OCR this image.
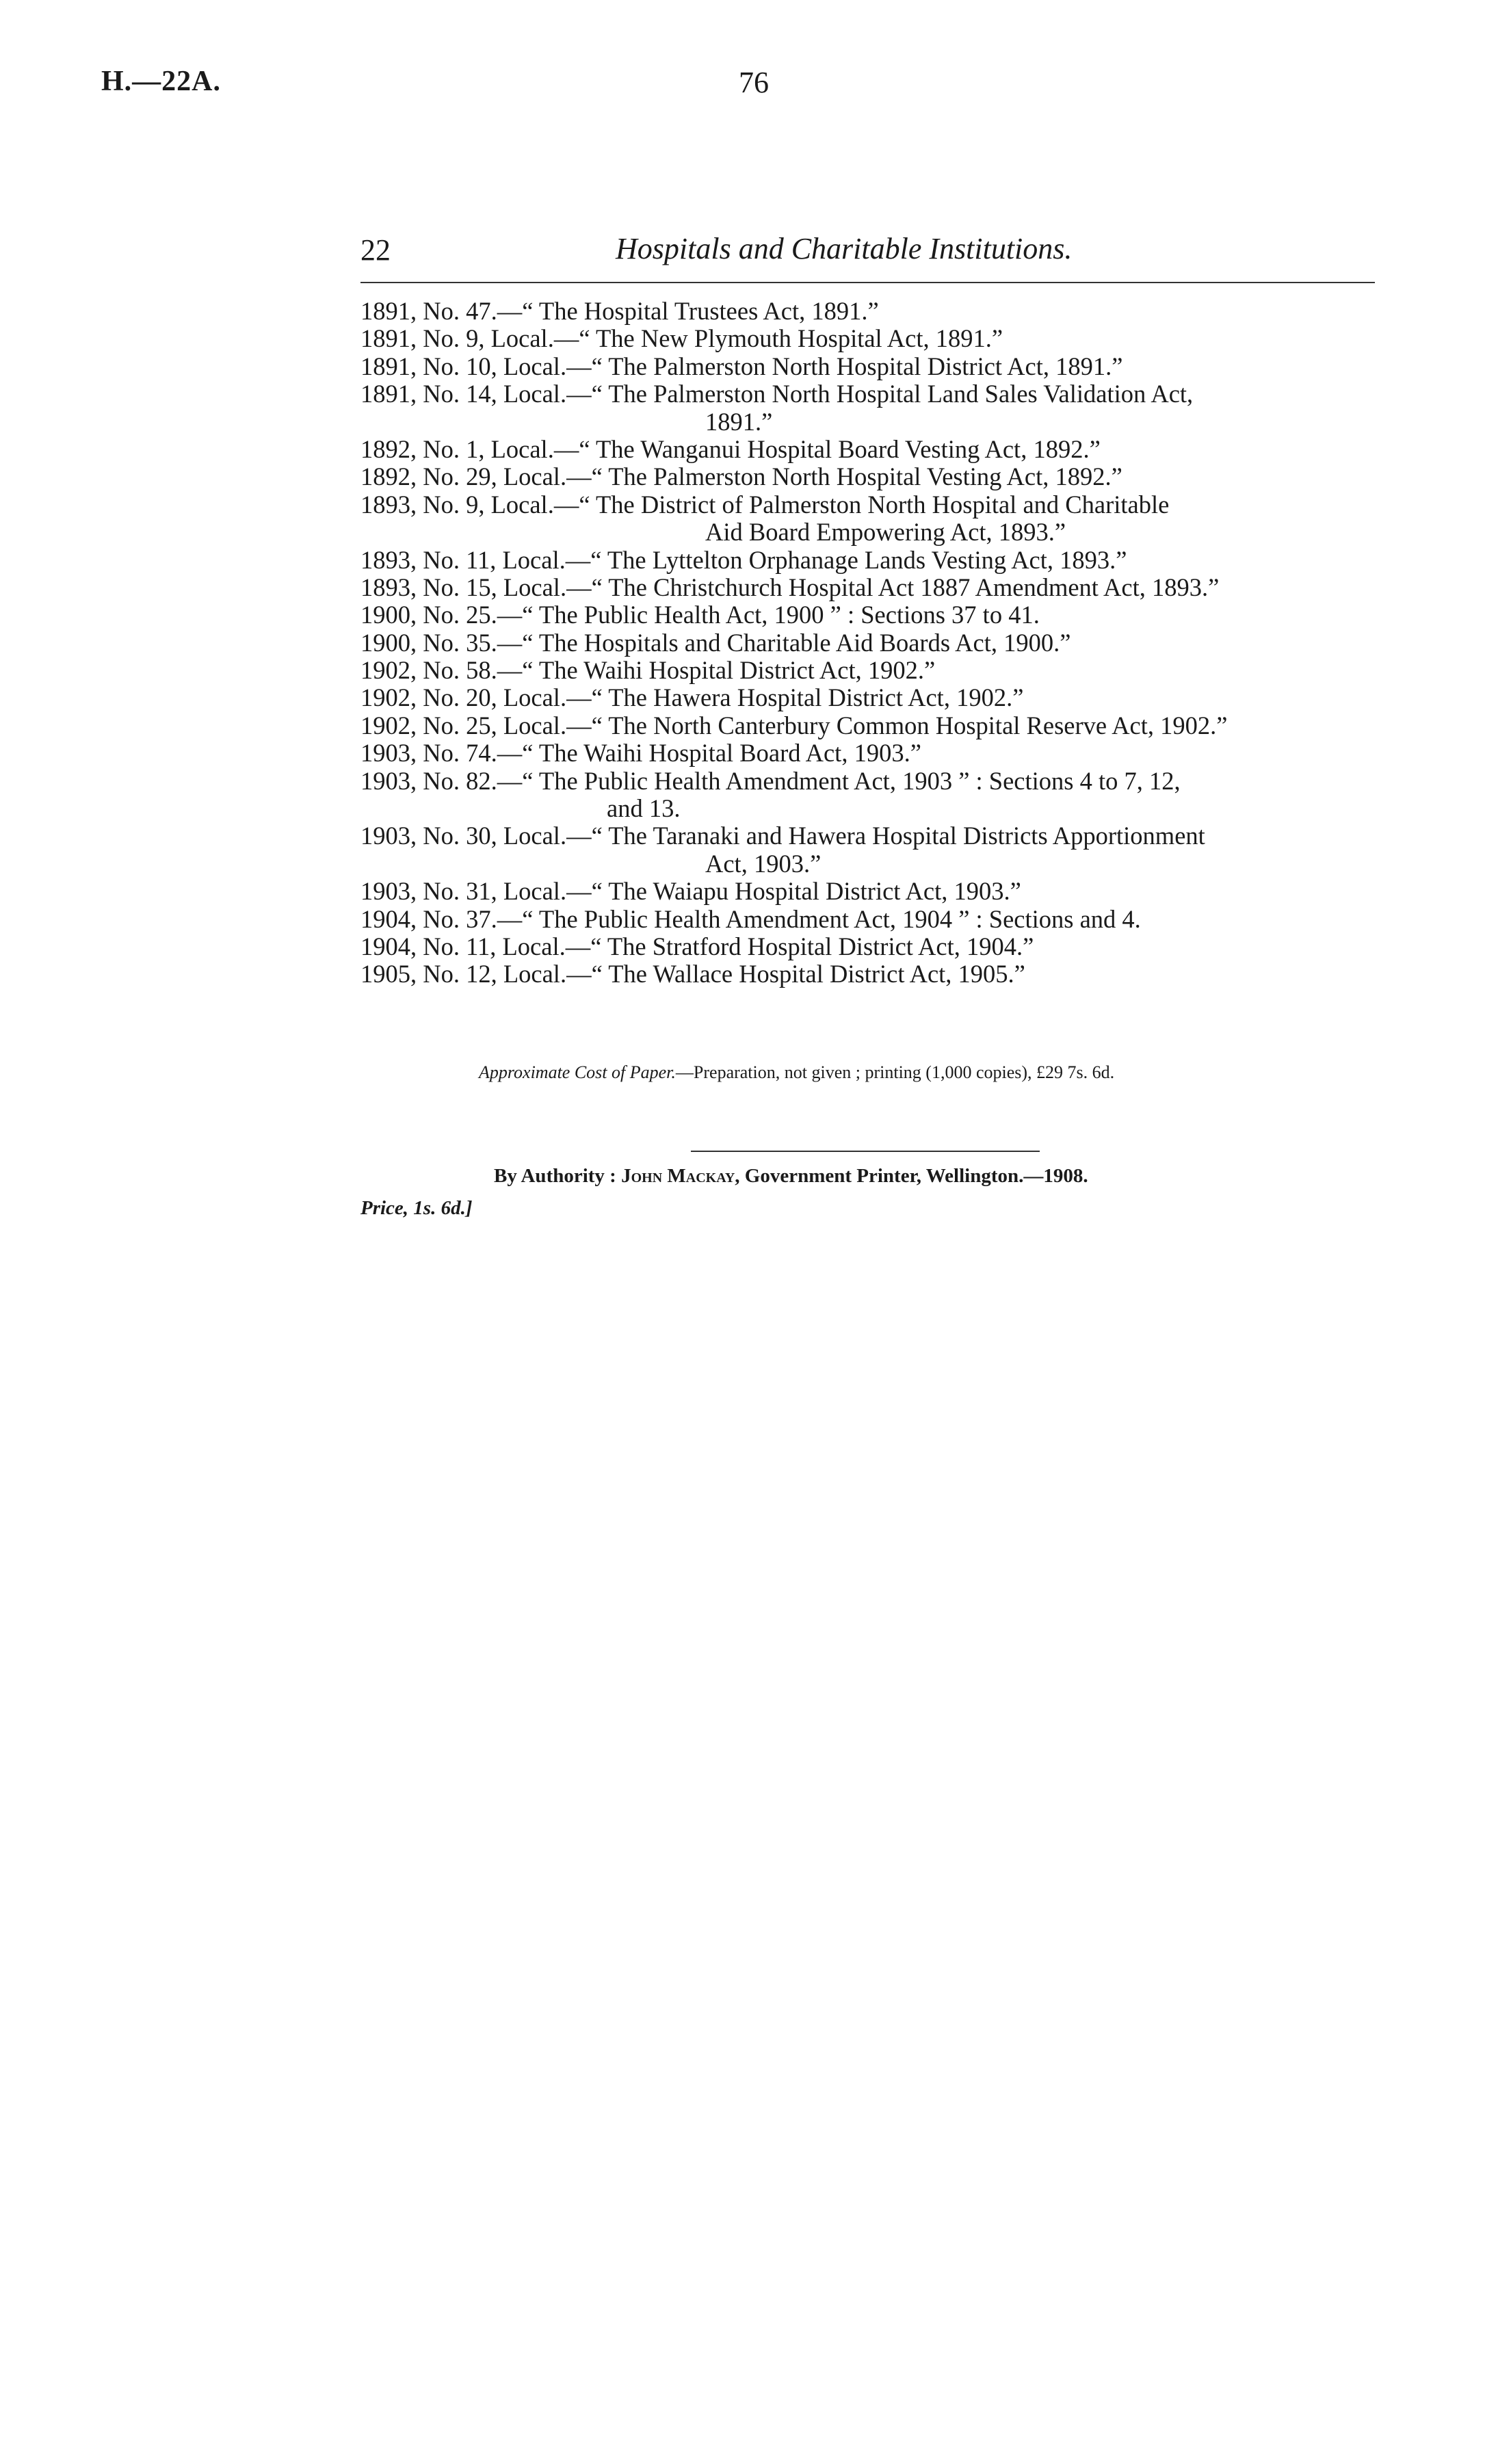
H.—22A.	76
22	Hospitals and Charitable Institutions.
1891, No. 47.—“ The Hospital Trustees Act, 1891.”
1891, No. 9, Local.—“ The New Plymouth Hospital Act, 1891.”
1891, No. 10, Local.—“ The Palmerston North Hospital District Act, 1891.”
1891, No. 14, Local.—“ The Palmerston North Hospital Land Sales Validation Act,
1891.”
1892, No. 1, Local.—“ The Wanganui Hospital Board Vesting Act, 1892.”
1892, No. 29, Local.—“ The Palmerston North Hospital Vesting Act, 1892.”
1893, No. 9, Local.—“ The District of Palmerston North Hospital and Charitable
Aid Board Empowering Act, 1893.”
1893, No. 11, Local.—“ The Lyttelton Orphanage Lands Vesting Act, 1893.”
1893, No. 15, Local.—“ The Christchurch Hospital Act 1887 Amendment Act, 1893.”
1900, No. 25.—“ The Public Health Act, 1900 ” : Sections 37 to 41.
1900, No. 35.—“ The Hospitals and Charitable Aid Boards Act, 1900.”
1902, No. 58.—“ The Waihi Hospital District Act, 1902.”
1902, No. 20, Local.—“ The Hawera Hospital District Act, 1902.”
1902, No. 25, Local.—“ The North Canterbury Common Hospital Reserve Act, 1902.”
1903, No. 74.—“ The Waihi Hospital Board Act, 1903.”
1903, No. 82.—“ The Public Health Amendment Act, 1903 ” : Sections 4 to 7, 12,
and 13.
1903, No. 30, Local.—“ The Taranaki and Hawera Hospital Districts Apportionment
Act, 1903.”
1903, No. 31, Local.—“ The Waiapu Hospital District Act, 1903.”
1904, No. 37.—“ The Public Health Amendment Act, 1904 ” : Sections and 4.
1904, No. 11, Local.—“ The Stratford Hospital District Act, 1904.”
1905, No. 12, Local.—“ The Wallace Hospital District Act, 1905.”
Approximate Cost of Paper.—Preparation, not given ; printing (1,000 copies), £29 7s. 6d.
By Authority : John Mackay, Government Printer, Wellington.—1908.
Price, 1s. 6d.]
